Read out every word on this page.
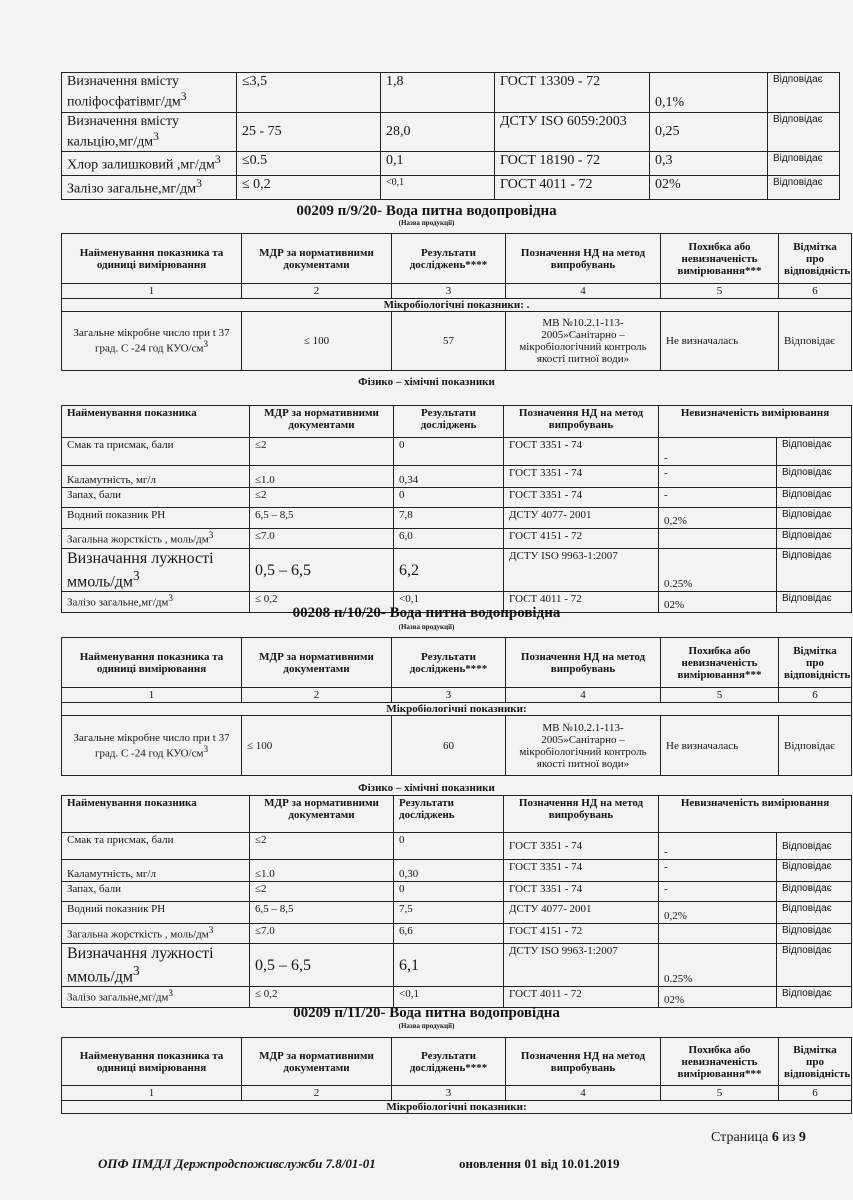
Визначення вмісту поліфосфатівмг/$дм^3$	≤3,5	1,8	ГОСТ 13309 - 72	0,1%	Відповідає
Визначення вмісту $кальцію,мг/дм^3$	25 - 75	28,0	ДСТУ ISO 6059:2003	0,25	Відповідає
Хлор залишковий $,мг/дм^3$	≤0.5	0,1	ГОСТ 18190 - 72	0,3	Відповідає
Залізо $загальне,мг/дм^3$	≤ 0,2	<0,1	ГОСТ 4011 - 72	02%	Відповідає
00209 п/9/20- Вода питна водопровідна
(Назва продукції)
Найменування показника та одиниці вимірювання	МДР за нормативними документами	Результати досліджень****	Позначення НД на метод випробувань	Похибка або невизначеність вимірювання***	Відмітка про відповідність
1	2	3	4	5	6
Мікробіологічні показники: .					
Загальне мікробне число при t 37 град. С -24 год КУО/$см^3$	≤ 100	57	МВ №10.2.1-113-2005»Санітарно – мікробіологічний контроль якості питної води»	Не визначалась	Відповідає
Фізико – хімічні показники
Найменування показника	МДР за нормативними документами	Результати досліджень	Позначення НД на метод випробувань	Невизначеність вимірювання	
Смак та присмак, бали	≤2	0	ГОСТ 3351 - 74	-	Відповідає
Каламутність, мг/л	≤1.0	0,34	ГОСТ 3351 - 74	-	Відповідає
Запах, бали	≤2	0	ГОСТ 3351 - 74	-	Відповідає
Водний показник РН	6,5 – 8,5	7,8	ДСТУ 4077- 2001	0,2%	Відповідає
Загальна жорсткість , моль/$дм^3$	≤7.0	6,0	ГОСТ 4151 - 72		Відповідає
Визначання лужності ммоль/$дм^3$	0,5 – 6,5	6,2	ДСТУ ISO 9963-1:2007	0.25%	Відповідає
Залізо $загальне,мг/дм^3$	≤ 0,2	<0,1	ГОСТ 4011 - 72	02%	Відповідає
00208 п/10/20- Вода питна водопровідна
(Назва продукції)
Найменування показника та одиниці вимірювання	МДР за нормативними документами	Результати досліджень****	Позначення НД на метод випробувань	Похибка або невизначеність вимірювання***	Відмітка про відповідність
1	2	3	4	5	6
Мікробіологічні показники:					
Загальне мікробне число при t 37 град. С -24 год КУО/$см^3$	≤ 100	60	МВ №10.2.1-113-2005»Санітарно – мікробіологічний контроль якості питної води»	Не визначалась	Відповідає
Фізико – хімічні показники
Найменування показника	МДР за нормативними документами	Результати досліджень	Позначення НД на метод випробувань	Невизначеність вимірювання	
Смак та присмак, бали	≤2	0	ГОСТ 3351 - 74	-	Відповідає
Каламутність, мг/л	≤1.0	0,30	ГОСТ 3351 - 74	-	Відповідає
Запах, бали	≤2	0	ГОСТ 3351 - 74	-	Відповідає
Водний показник РН	6,5 – 8,5	7,5	ДСТУ 4077- 2001	0,2%	Відповідає
Загальна жорсткість , моль/$дм^3$	≤7.0	6,6	ГОСТ 4151 - 72		Відповідає
Визначання лужності ммоль/$дм^3$	0,5 – 6,5	6,1	ДСТУ ISO 9963-1:2007	0.25%	Відповідає
Залізо $загальне,мг/дм^3$	≤ 0,2	<0,1	ГОСТ 4011 - 72	02%	Відповідає
00209 п/11/20- Вода питна водопровідна
(Назва продукції)
Найменування показника та одиниці вимірювання	МДР за нормативними документами	Результати досліджень****	Позначення НД на метод випробувань	Похибка або невизначеність вимірювання***	Відмітка про відповідність
1	2	3	4	5	6
Мікробіологічні показники:					
Страница 6 из 9
ОПФ ПМДЛ Держпродспоживслужби 7.8/01-01	оновлення 01 від 10.01.2019
